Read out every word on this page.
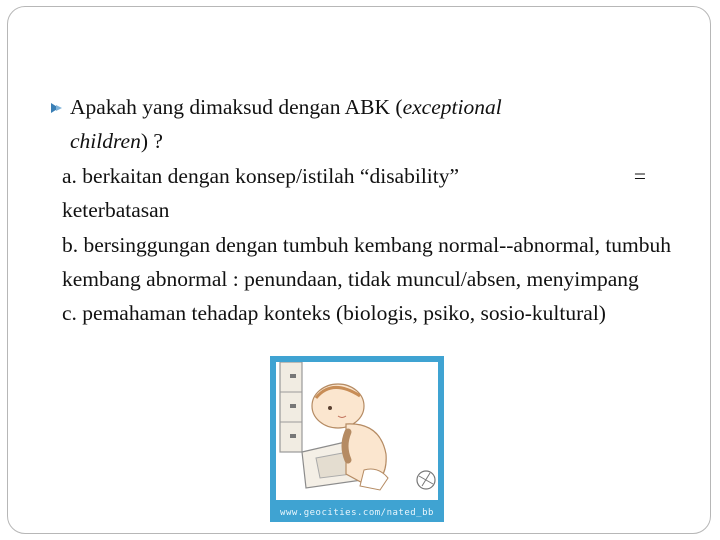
Apakah yang dimaksud dengan ABK (exceptional
children) ?
a. berkaitan dengan konsep/istilah “disability”	=
keterbatasan
b. bersinggungan dengan tumbuh kembang normal--abnormal, tumbuh kembang abnormal : penundaan, tidak muncul/absen, menyimpang
c. pemahaman tehadap konteks (biologis, psiko, sosio-kultural)
www.geocities.com/nated_bb
